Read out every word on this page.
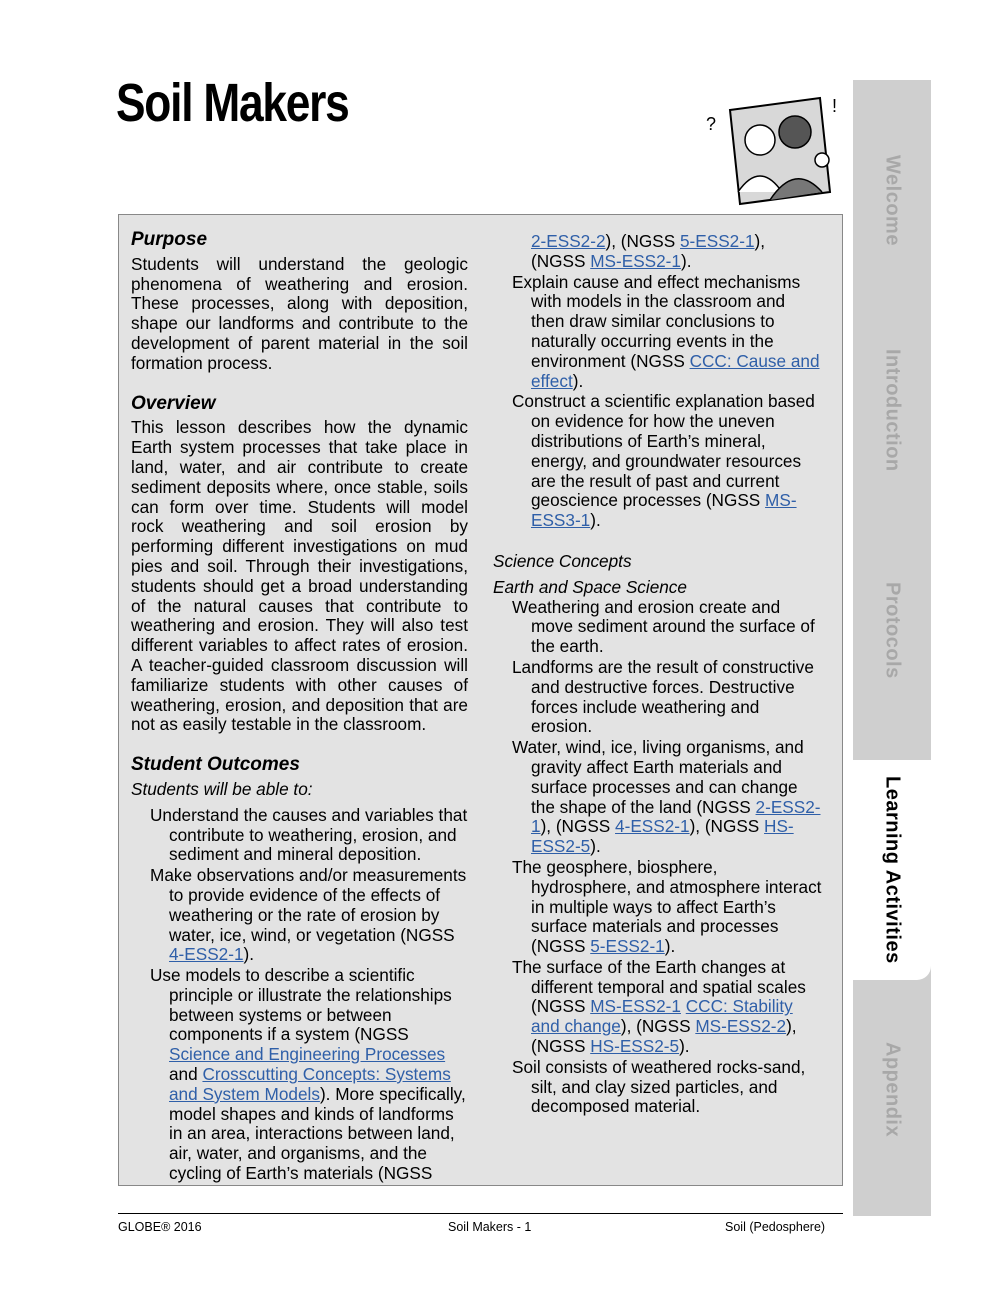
Soil Makers	?
!

Purpose

Students will understand the geologic phenomena of weathering and erosion. These processes, along with deposition, shape our landforms and contribute to the development of parent material in the soil formation process.

Overview

This lesson describes how the dynamic Earth system processes that take place in land, water, and air contribute to create sediment deposits where, once stable, soils can form over time. Students will model rock weathering and soil erosion by performing different investigations on mud pies and soil. Through their investigations, students should get a broad understanding of the natural causes that contribute to weathering and erosion. They will also test different variables to affect rates of erosion. A teacher-guided classroom discussion will familiarize students with other causes of weathering, erosion, and deposition that are not as easily testable in the classroom.

Student Outcomes

Students will be able to:

Understand the causes and variables that contribute to weathering, erosion, and sediment and mineral deposition.

Make observations and/or measurements to provide evidence of the effects of weathering or the rate of erosion by water, ice, wind, or vegetation (NGSS 4-ESS2-1).

Use models to describe a scientific principle or illustrate the relationships between systems or between components if a system (NGSS Science and Engineering Processes and Crosscutting Concepts: Systems and System Models). More specifically, model shapes and kinds of landforms in an area, interactions between land, air, water, and organisms, and the cycling of Earth’s materials (NGSS

2-ESS2-2), (NGSS 5-ESS2-1), (NGSS MS-ESS2-1).

Explain cause and effect mechanisms with models in the classroom and then draw similar conclusions to naturally occurring events in the environment (NGSS CCC: Cause and effect).

Construct a scientific explanation based on evidence for how the uneven distributions of Earth’s mineral, energy, and groundwater resources are the result of past and current geoscience processes (NGSS MS-ESS3-1).

Science Concepts

Earth and Space Science

Weathering and erosion create and move sediment around the surface of the earth.

Landforms are the result of constructive and destructive forces. Destructive forces include weathering and erosion.

Water, wind, ice, living organisms, and gravity affect Earth materials and surface processes and can change the shape of the land (NGSS 2-ESS2-1), (NGSS 4-ESS2-1), (NGSS HS-ESS2-5).

The geosphere, biosphere, hydrosphere, and atmosphere interact in multiple ways to affect Earth’s surface materials and processes (NGSS 5-ESS2-1).

The surface of the Earth changes at different temporal and spatial scales (NGSS MS-ESS2-1 CCC: Stability and change), (NGSS MS-ESS2-2), (NGSS HS-ESS2-5).

Soil consists of weathered rocks-sand, silt, and clay sized particles, and decomposed material.

Welcome
Introduction
Protocols
Learning Activities
Appendix
GLOBE® 2016	Soil Makers - 1	Soil (Pedosphere)
